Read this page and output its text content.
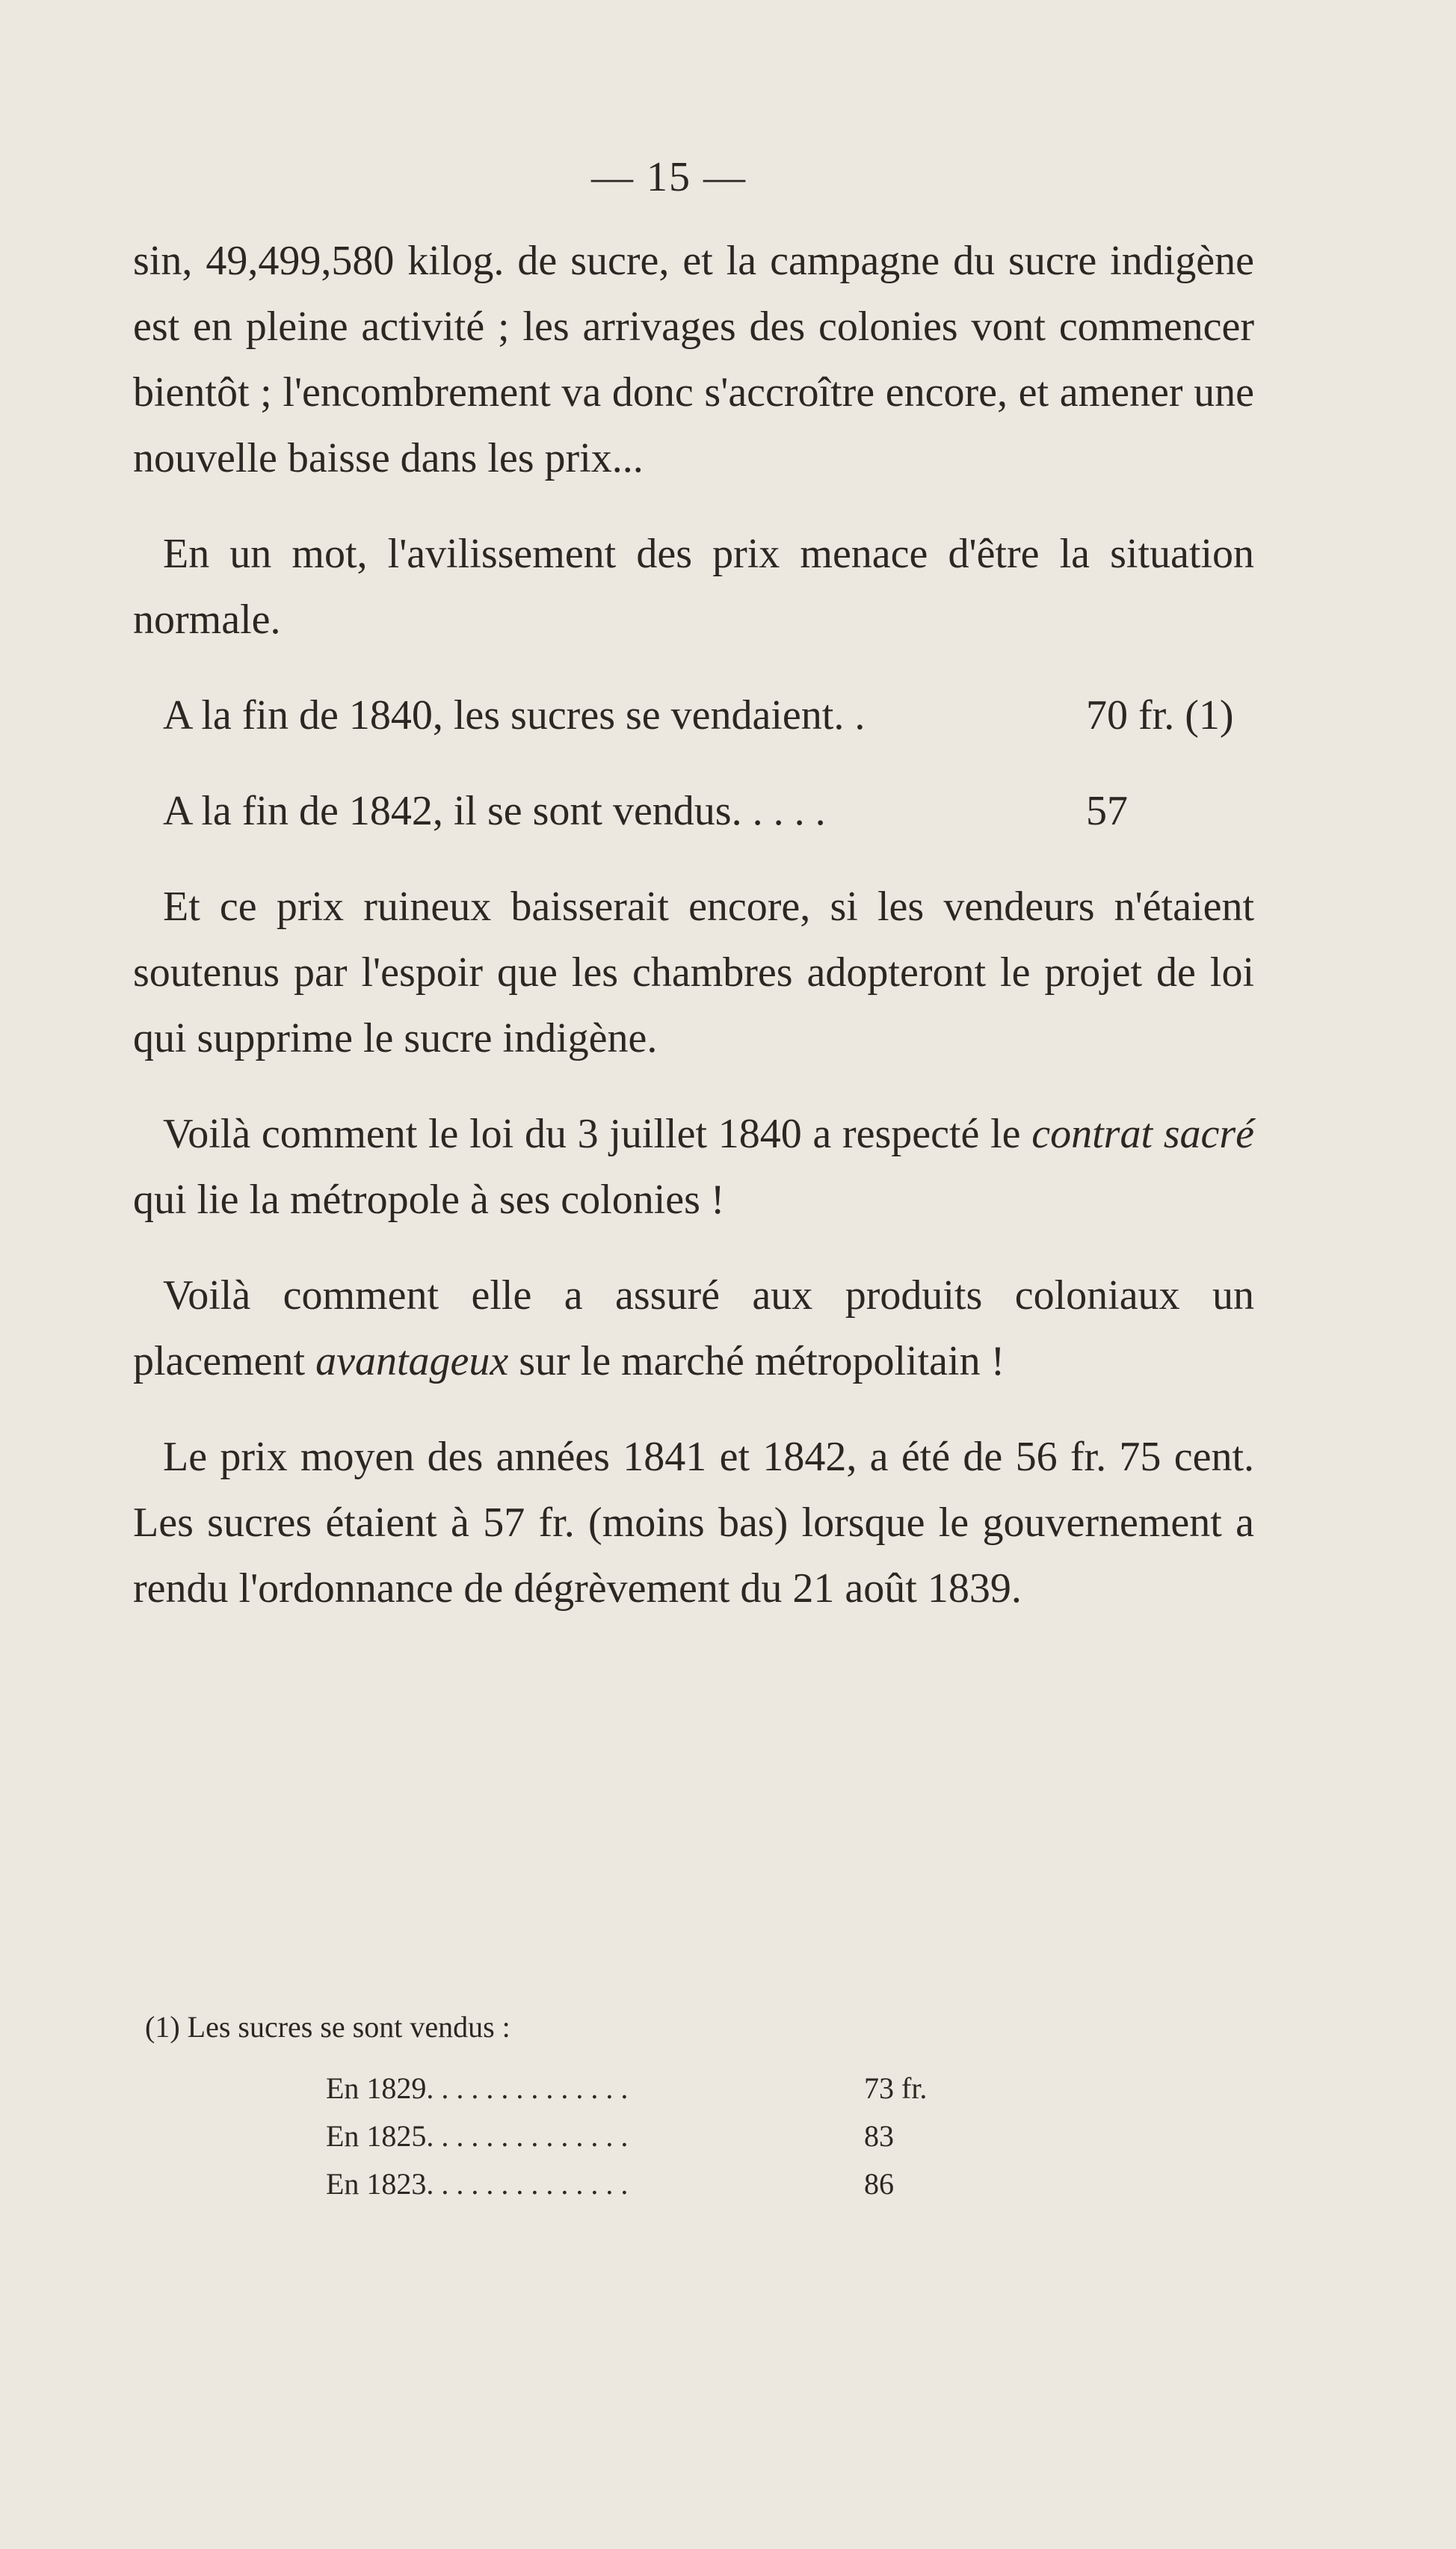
— 15 —

sin, 49,499,580 kilog. de sucre, et la campagne du sucre indigène est en pleine activité ; les arrivages des colonies vont commencer bientôt ; l'encombrement va donc s'accroître encore, et amener une nouvelle baisse dans les prix...

En un mot, l'avilissement des prix menace d'être la situation normale.

A la fin de 1840, les sucres se vendaient. .	70 fr. (1)
A la fin de 1842, il se sont vendus. . . . .	57

Et ce prix ruineux baisserait encore, si les vendeurs n'étaient soutenus par l'espoir que les chambres adopteront le projet de loi qui supprime le sucre indigène.

Voilà comment le loi du 3 juillet 1840 a respecté le contrat sacré qui lie la métropole à ses colonies !

Voilà comment elle a assuré aux produits coloniaux un placement avantageux sur le marché métropolitain !

Le prix moyen des années 1841 et 1842, a été de 56 fr. 75 cent. Les sucres étaient à 57 fr. (moins bas) lorsque le gouvernement a rendu l'ordonnance de dégrèvement du 21 août 1839.

(1) Les sucres se sont vendus :
En 1829. . . . . . . . . . . . . .	73 fr.
En 1825. . . . . . . . . . . . . .	83
En 1823. . . . . . . . . . . . . .	86
